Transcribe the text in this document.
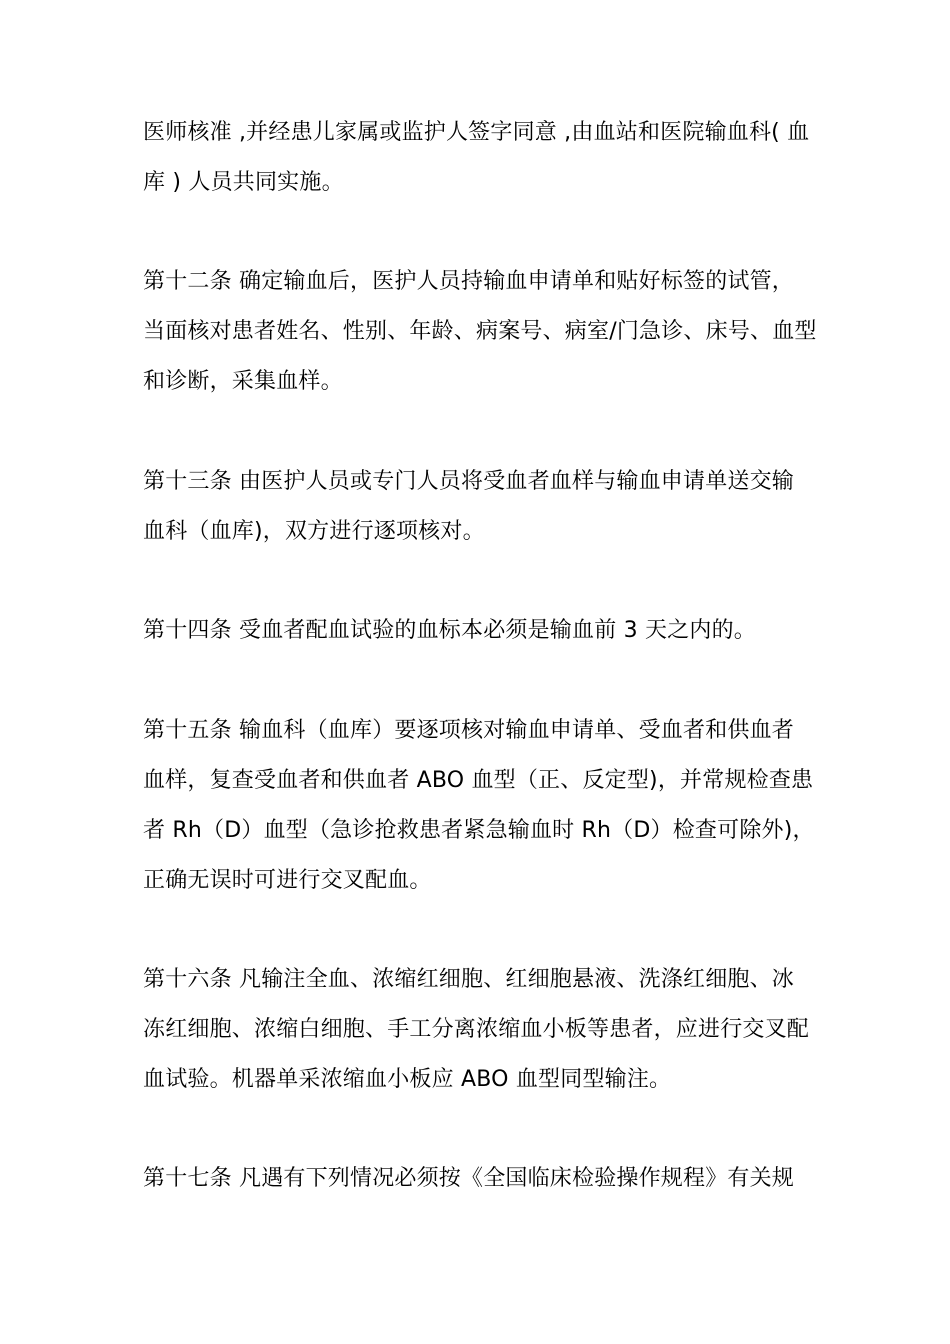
医师核准 ,并经患儿家属或监护人签字同意 ,由血站和医院输血科( 血
库 ) 人员共同实施。
第十二条 确定输血后，医护人员持输血申请单和贴好标签的试管，
当面核对患者姓名、性别、年龄、病案号、病室/门急诊、床号、血型
和诊断，采集血样。
第十三条 由医护人员或专门人员将受血者血样与输血申请单送交输
血科（血库)，双方进行逐项核对。
第十四条 受血者配血试验的血标本必须是输血前 3 天之内的。
第十五条 输血科（血库）要逐项核对输血申请单、受血者和供血者
血样，复查受血者和供血者 ABO 血型（正、反定型)，并常规检查患
者 Rh（D）血型（急诊抢救患者紧急输血时 Rh（D）检查可除外)，
正确无误时可进行交叉配血。
第十六条 凡输注全血、浓缩红细胞、红细胞悬液、洗涤红细胞、冰
冻红细胞、浓缩白细胞、手工分离浓缩血小板等患者，应进行交叉配
血试验。机器单采浓缩血小板应 ABO 血型同型输注。
第十七条 凡遇有下列情况必须按《全国临床检验操作规程》有关规
